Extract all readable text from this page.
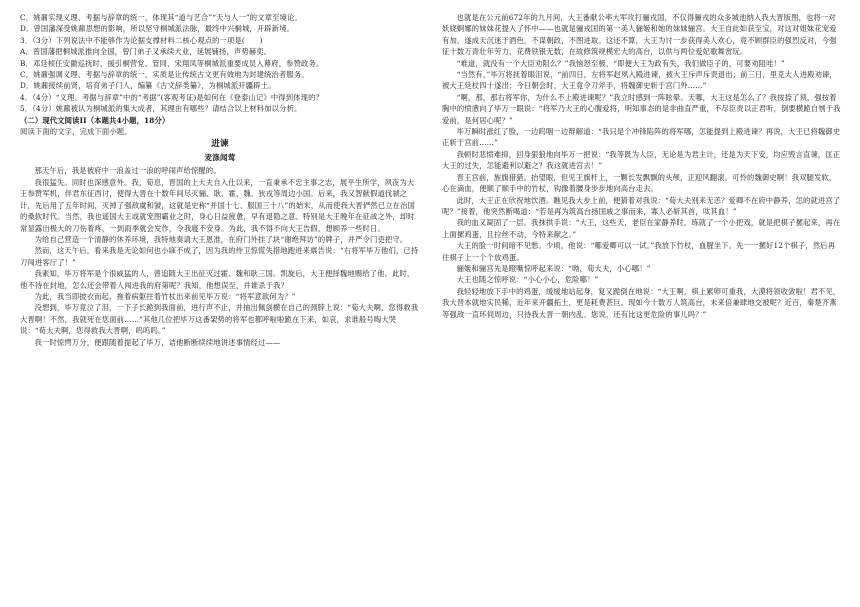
C．姚鼐实现义理、考据与辞章的统一，体现其“道与艺合”“天与人一”的文章至境论。

D．曾国藩深受姚鼐思想的影响，所以坚守桐城派法脉，最终中兴桐城，开辟新境。

3．（3分）下列说法中不能够作为论据支撑材料二核心观点的一项是(　　)

A．曾国藩把桐城派推向全国，曾门弟子又承续大业，延展铺扬，声势赫奕。

B．邓廷桢任安徽巡抚时，援引桐营党、管同、宋翔凤等桐城派重要成员入幕府，参赞政务。

C．姚鼐强调义理、考据与辞章的统一，实质是让传统古文更有效地为封建统治者服务。

D．姚鼐接续前贤，培育弟子门人，编纂《古文辞类纂》，为桐城派开疆辟土。

4．（4分）“义理、考据与辞章”中的“考据”(客观考证)是如何在《登泰山记》中得到体现的？

5．（4分）姚鼐被认为桐城派的集大成者，其理由有哪些？请结合以上材料加以分析。

（二）现代文阅读II（本题共4小题，18分）

阅读下面的文字，完成下面小题。

进谏

麦涤闻莺

那天午后，我是被府中一浪盖过一浪的呼闹声给惊醒的。

我很猛失。同时也深感意外。我，荀息，晋国的上大夫自入仕以来，一直秉承不忠主事之志，展平生所学，夙夜为大王参赞军机，伴君东征西讨，使得大晋在十数年间尽灭骊、耿、霍、魏、狄戎等周边小国。后来，我又智献假道伐虢之计，先后用了五年时间，灭掉了强敌虞和虢，这就是史称“并国十七、服国三十八”的始末，从而使我大晋俨然已立在治国的桑软时代。当然，我也遥国大王或就宠图霸业之时，身心日益疲惫，早有退隐之意。特别是大王晚年在征战之外，却时常显露出极大的刀伤着疼，一到雨季就会发作，令我寝不安身。为此，我不得不向大王告假，想顾养一些时日。

为给自己营造一个清静的休养环境，我特地奏请大王恩准，在府门外挂了块“谢绝拜访”的牌子，并严令门吏把守。

然而，这天午后，看来我是无论如何也小寐不成了，因为我的侍卫惊慌失措地跑进来禀告说：“右将军毕万他们，已持刀闯进客厅了！”

我素知，毕万将军是个很威猛的人，曾追随大王出征灭过霍、魏和耿三国。凯旋后，大王便择魏地赐给了他。此时，他不待在封地，怎么还会带着人闯进我的府第呢？我知，他想误至，并谁杀于我？

为此，我当即披衣而起，拖着病躯拄着竹杖出来前见毕万说：“将军意欲何为？”

没想到，毕万竟泣了泪，一下子长跪到我面前，进行声不止，并抽出佩剑横在自己的颈脖上说：“荀大夫啊，您得救我大晋啊！不然，我就死在您面前……”其他几位把毕万这番架势的将军也都呼啦啦跪在下来，如哀，求谁般号啕大哭说：“荀大夫啊，您得救我大晋啊，呜呜呜。”

我一时惊愕万分，便跟随着提起了毕万，诘他断断续续地讲述事情经过——

也就是在公元前672年的九月间，大王番献公率大军攻打骊戎国，不仅得骊戎的众多城池纳入我大晋版图，也将一对妖娆婀娜的妹妹花提入了怀中——也就是骊戎国的第一美人骊姬和她的妹妹骊宫。大王自此如获至宝，对这对姐妹花宠爱有加，遂成天沉迷于酒色，不谋朝政，不图进取。这还不算，大王为讨一步获得美人欢心，竟不顾群臣的强烈反对，今强征十数万青壮年劳力，花费铁银无数，在故修筑规模宏大的高台，以供与两位爱妃歌舞赏玩。

“难道，就没有一个大臣劝阻么？”我恼怒至极，“即便大王为政有失，我们做臣子的，可要劝阻哇！”

“当然有，”毕万将抚着眼泪说，“前四日，左将军赵夙入殿进谏，被大王斥声斥责退出；前三日，里克大人进殿劝谏，被大王廷杖四十遂出；今日朝会时，大王竟令刀斧手，将魏御史斩于宫门外……”

“啊，那，那右将军你，为什么不上殿进谏呢？”我立时感到一阵眩晕。天哪，大王这是怎么了？我按捺了须，强按着胸中的愤懑向了毕万一眼说：“将军乃大王的心腹爱将，明知事态的是非曲直严重，不尽臣责以正君听，倒要横跪自刎于我爱前，是何居心呢？”

毕万瞬时涨红了脸，一边呜咽一边辩解道：“我只是个冲锋陷阵的将军哪，怎能提到上殿进谏？再说，大王已将魏御史正斩于宫前……”

我顿时悲愤难抑，回身狠狼地向毕万一把说：“我等既为人臣，无论是为君主计，还是为天下安，均应毁言直谏，匡正大王的过失，怎能避利以避之？我这就进宫去！”

晋王宫前，旌旗猎猎。抬望眼，但见王旗杆上，一颗长发飘飘的头颅，正迎风翻滚。可怜的魏御史啊！我双腿发软，心在滴血，便顺了顺手中的竹杖，钩像着腰身步步地向高台走去。

此时，大王正在欣祝地饮酒。瞧见我大步上前，便猜着对我说：“荀大夫别来无恙？爱卿不在府中静养，怎的就进宫了呢？”接着，他突然断喝道：“若是再为筑高台扬国戚之事而来，寡人必斩其首，呔其血！”

我的血又凝固了一层。我抹拱手说：“大王，这些天，老臣在家静养时，练就了一个小把戏，就是把棋子摞起来，再在上面摞鸡蛋，且拉丝不动，今特来献之。”

大王的脸一时间暗不见愁。少顷，他说：“哪爱卿可以一试。”我放下竹杖，血腥坐下。先一一摞好12个棋子，然后再往棋子上一个个放鸡蛋。

骊姬和骊宫先是瞪嘴惊呼起来说：“呦，荀大夫，小心哪！”

大王也随之惊呼说：“小心小心，危险哪！”

我轻轻地放下手中的鸡蛋，缓缓地站起身，复又跪倒在地说：“大王啊，棋上累卵可重我，大漠将领收敛啦！君不见，我大晋本就地实民稀，近年来开疆拓土，更是耗费甚巨。现如今十数万人筑高台，未来倍兼肆地交被呢？近百，秦楚齐燕等强敌一直环伺周边，只待我大晋一朝内乱。您说，还有比这更危险的事儿吗？”
